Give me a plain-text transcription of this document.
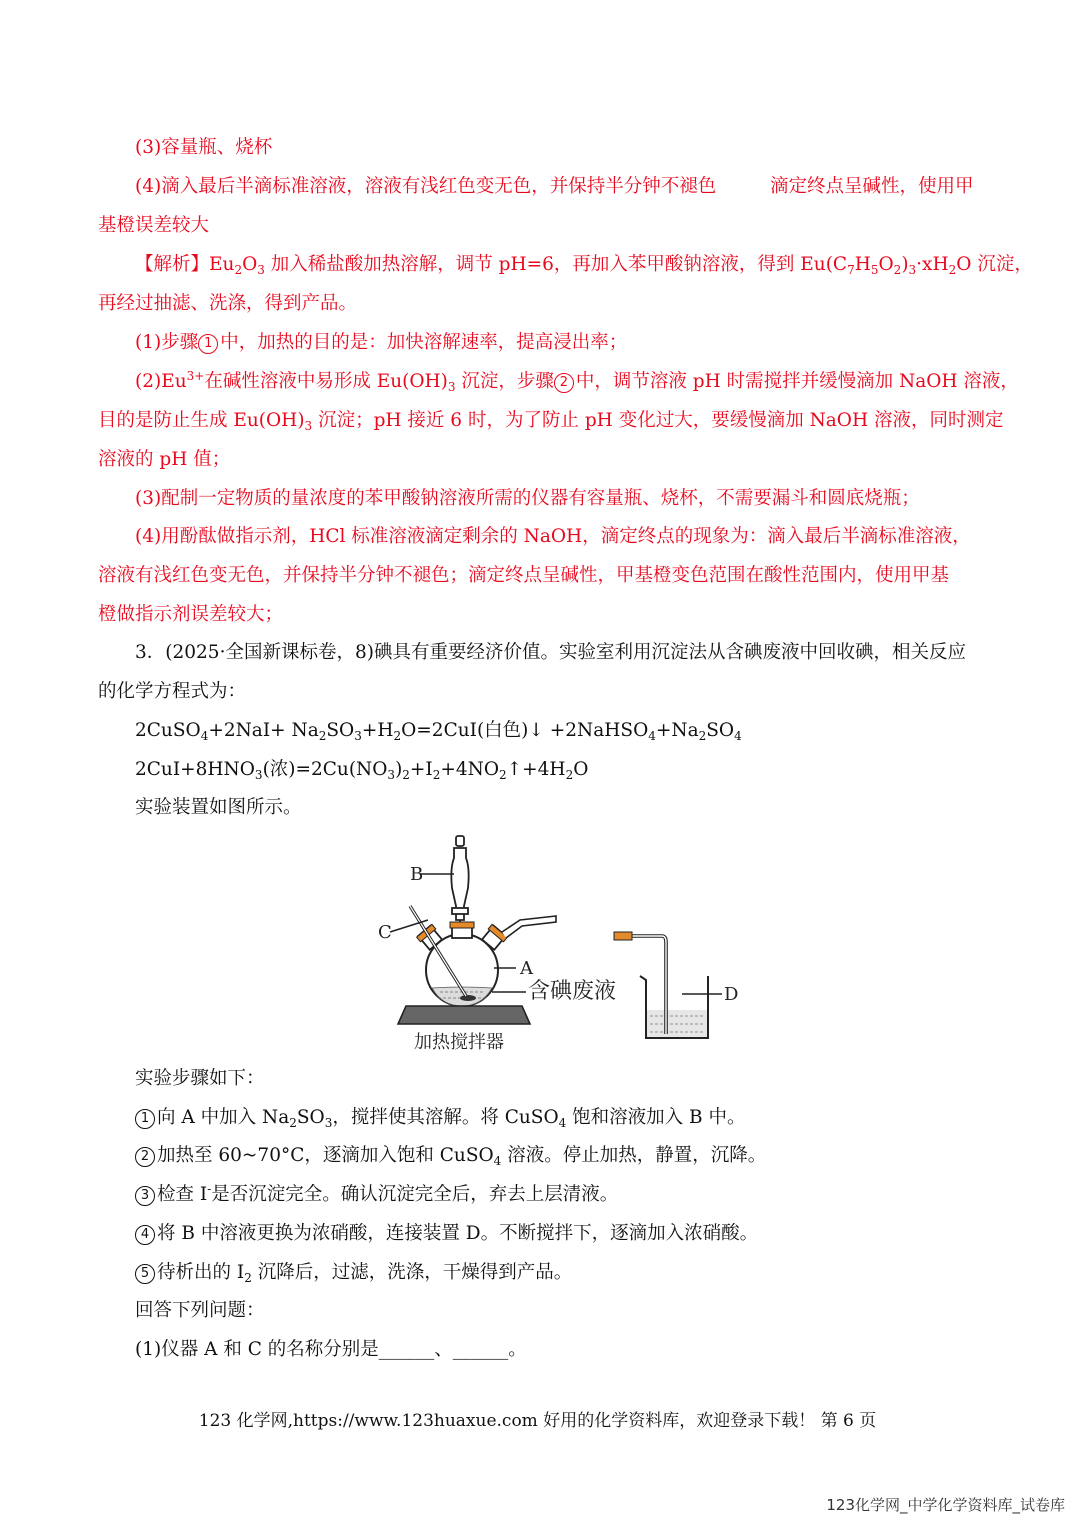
(3)容量瓶、烧杯
(4)滴入最后半滴标准溶液，溶液有浅红色变无色，并保持半分钟不褪色	滴定终点呈碱性，使用甲
基橙误差较大
【解析】$Eu_2O_3$ 加入稀盐酸加热溶解，调节 pH=6，再加入苯甲酸钠溶液，得到 $Eu(C_7H_5O_2)_3\cdot xH_2O$ 沉淀，
再经过抽滤、洗涤，得到产品。
(1)步骤 1 中，加热的目的是：加快溶解速率，提高浸出率；
$(2)Eu^{3+}$在碱性溶液中易形成 $Eu(OH)_3$ 沉淀，步骤 2 中，调节溶液 pH 时需搅拌并缓慢滴加 NaOH 溶液，
目的是防止生成 $Eu(OH)_3$ 沉淀；pH 接近 6 时，为了防止 pH 变化过大，要缓慢滴加 NaOH 溶液，同时测定
溶液的 pH 值；
(3)配制一定物质的量浓度的苯甲酸钠溶液所需的仪器有容量瓶、烧杯，不需要漏斗和圆底烧瓶；
(4)用酚酞做指示剂，HCl 标准溶液滴定剩余的 NaOH，滴定终点的现象为：滴入最后半滴标准溶液，
溶液有浅红色变无色，并保持半分钟不褪色；滴定终点呈碱性，甲基橙变色范围在酸性范围内，使用甲基
橙做指示剂误差较大；
3．(2025·全国新课标卷，8)碘具有重要经济价值。实验室利用沉淀法从含碘废液中回收碘，相关反应
的化学方程式为：
2CuSO$_4$+2NaI+ $Na_2SO_3+H_2O=2CuI$(白色)↓ $+2NaHSO_4+Na_2SO_4$
$2CuI+8HNO_3$(浓)$=2Cu(NO_3)_2+I_2+4NO_2↑+4H_2O$
实验装置如图所示。
B
C
A
含碘废液
加热搅拌器
D
实验步骤如下：
1 向 A 中加入 $Na_2SO_3$，搅拌使其溶解。将 CuSO$_4$ 饱和溶液加入 B 中。
2 加热至 60~70°C，逐滴加入饱和 CuSO$_4$ 溶液。停止加热，静置，沉降。
3 检查 I-是否沉淀完全。确认沉淀完全后，弃去上层清液。
4 将 B 中溶液更换为浓硝酸，连接装置 D。不断搅拌下，逐滴加入浓硝酸。
5 待析出的 $I_2$ 沉降后，过滤，洗涤，干燥得到产品。
回答下列问题：
(1)仪器 A 和 C 的名称分别是______、______。
123 化学网,https://www.123huaxue.com 好用的化学资料库，欢迎登录下载！ 第 6 页
123化学网_中学化学资料库_试卷库
